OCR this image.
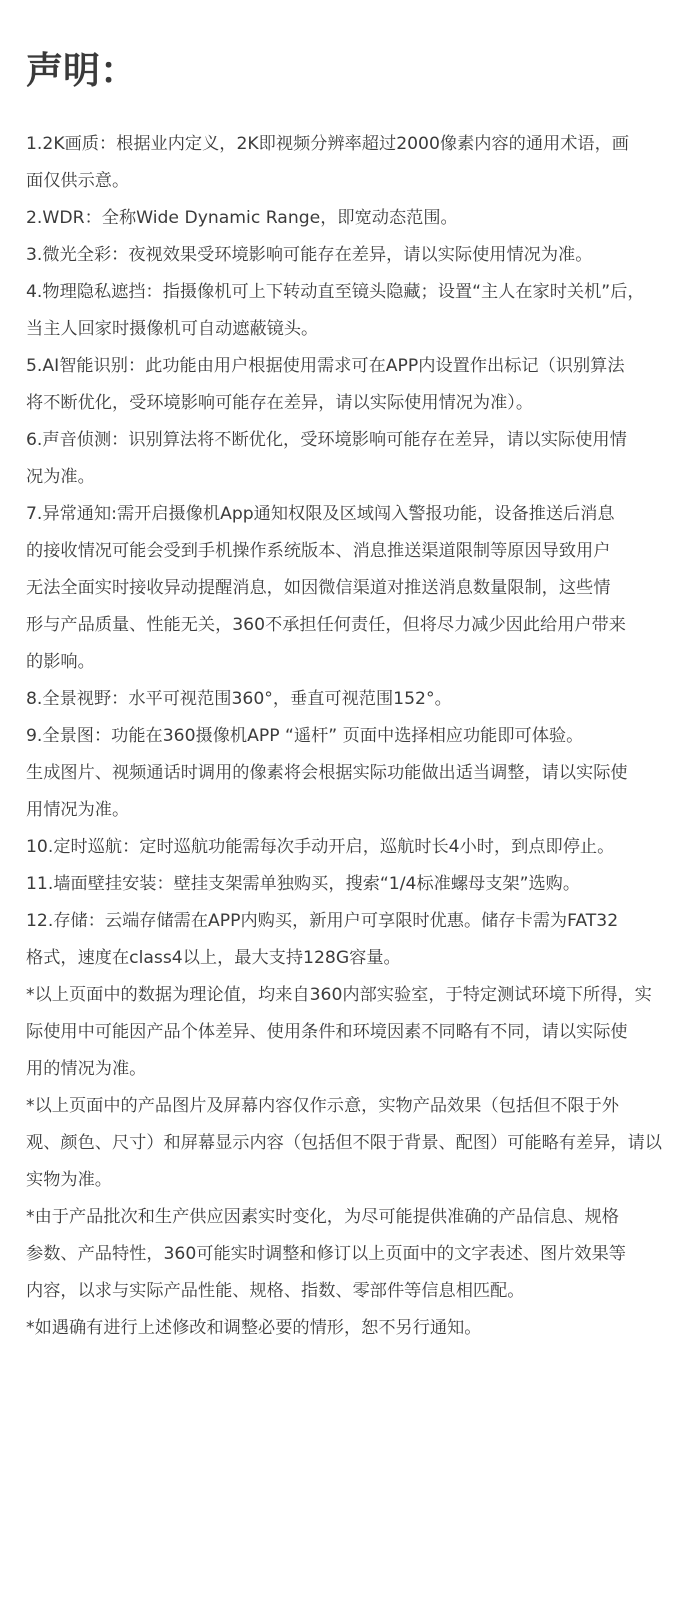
声明：
1.2K画质：根据业内定义，2K即视频分辨率超过2000像素内容的通用术语，画
面仅供示意。
2.WDR：全称Wide Dynamic Range，即宽动态范围。
3.微光全彩：夜视效果受环境影响可能存在差异，请以实际使用情况为准。
4.物理隐私遮挡：指摄像机可上下转动直至镜头隐藏；设置“主人在家时关机”后，
当主人回家时摄像机可自动遮蔽镜头。
5.AI智能识别：此功能由用户根据使用需求可在APP内设置作出标记（识别算法
将不断优化，受环境影响可能存在差异，请以实际使用情况为准）。
6.声音侦测：识别算法将不断优化，受环境影响可能存在差异，请以实际使用情
况为准。
7.异常通知:需开启摄像机App通知权限及区域闯入警报功能，设备推送后消息
的接收情况可能会受到手机操作系统版本、消息推送渠道限制等原因导致用户
无法全面实时接收异动提醒消息，如因微信渠道对推送消息数量限制，这些情
形与产品质量、性能无关，360不承担任何责任，但将尽力减少因此给用户带来
的影响。
8.全景视野：水平可视范围360°，垂直可视范围152°。
9.全景图：功能在360摄像机APP “遥杆” 页面中选择相应功能即可体验。
生成图片、视频通话时调用的像素将会根据实际功能做出适当调整，请以实际使
用情况为准。
10.定时巡航：定时巡航功能需每次手动开启，巡航时长4小时，到点即停止。
11.墙面壁挂安装：壁挂支架需单独购买，搜索“1/4标准螺母支架”选购。
12.存储：云端存储需在APP内购买，新用户可享限时优惠。储存卡需为FAT32
格式，速度在class4以上，最大支持128G容量。
*以上页面中的数据为理论值，均来自360内部实验室，于特定测试环境下所得，实
际使用中可能因产品个体差异、使用条件和环境因素不同略有不同，请以实际使
用的情况为准。
*以上页面中的产品图片及屏幕内容仅作示意，实物产品效果（包括但不限于外
观、颜色、尺寸）和屏幕显示内容（包括但不限于背景、配图）可能略有差异，请以
实物为准。
*由于产品批次和生产供应因素实时变化，为尽可能提供准确的产品信息、规格
参数、产品特性，360可能实时调整和修订以上页面中的文字表述、图片效果等
内容，以求与实际产品性能、规格、指数、零部件等信息相匹配。
*如遇确有进行上述修改和调整必要的情形，恕不另行通知。
